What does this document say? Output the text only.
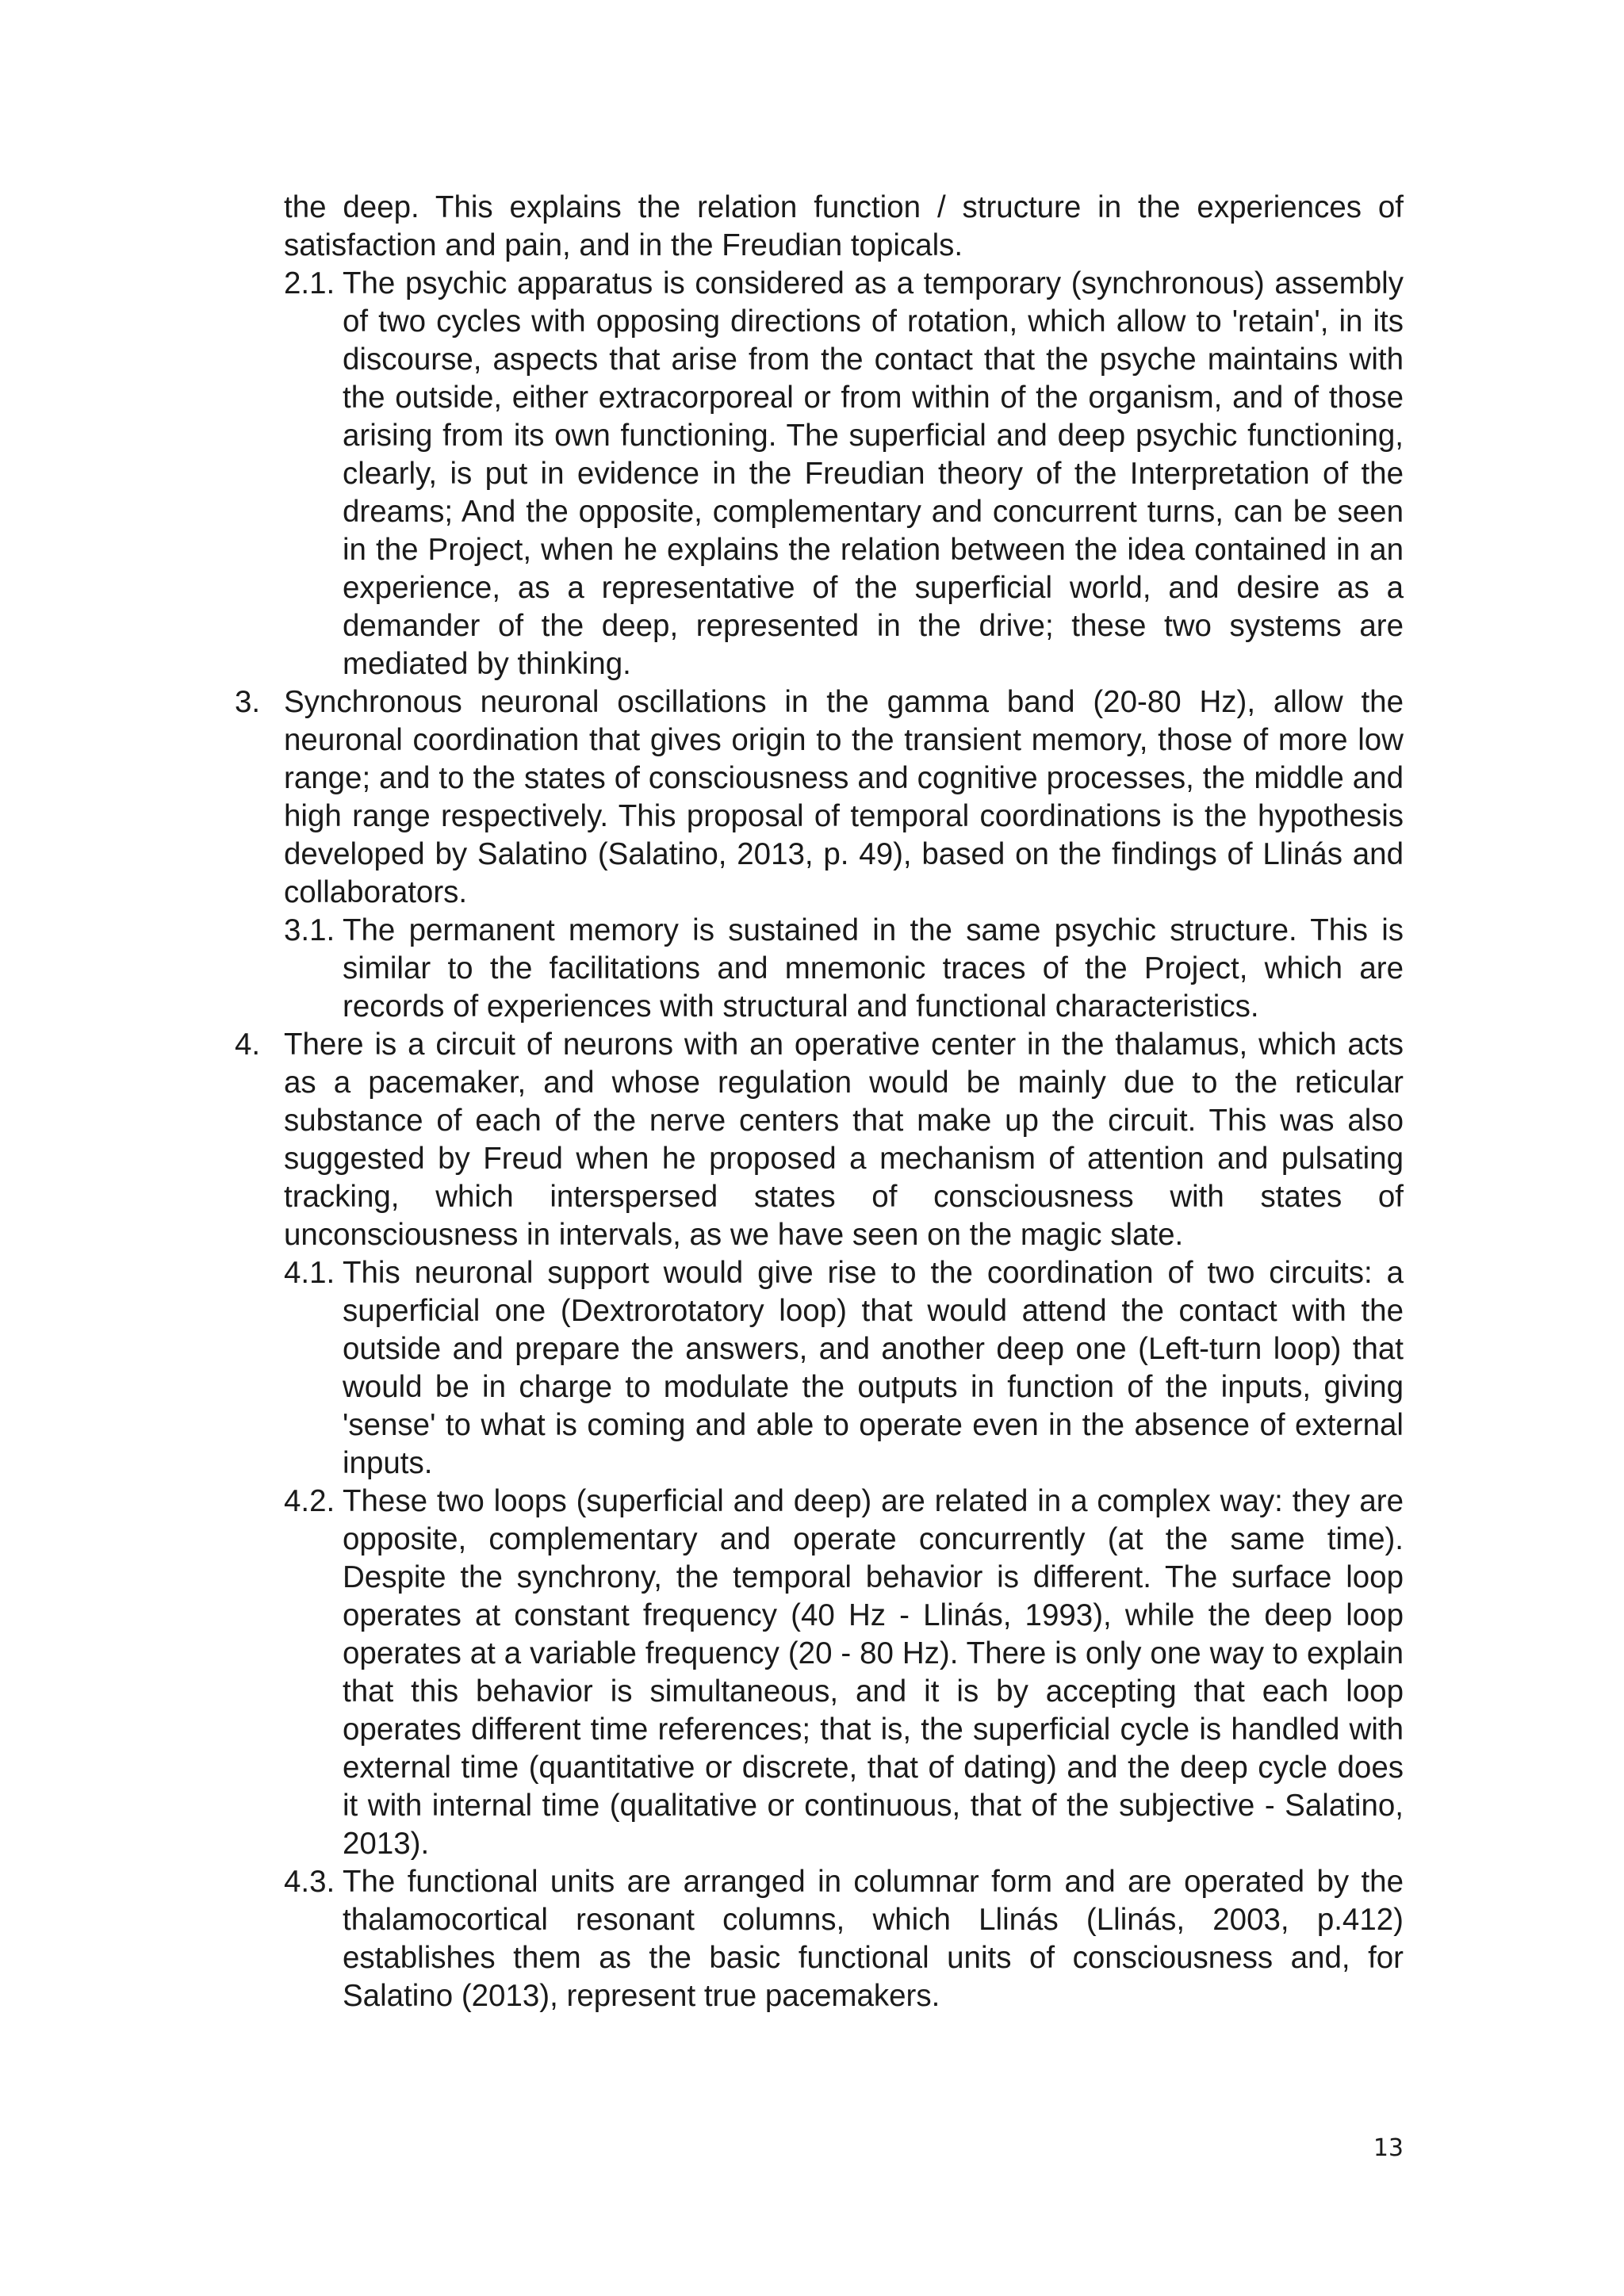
the deep. This explains the relation function / structure in the experiences of satisfaction and pain, and in the Freudian topicals.

2.1. The psychic apparatus is considered as a temporary (synchronous) assembly of two cycles with opposing directions of rotation, which allow to 'retain', in its discourse, aspects that arise from the contact that the psyche maintains with the outside, either extracorporeal or from within of the organism, and of those arising from its own functioning. The superficial and deep psychic functioning, clearly, is put in evidence in the Freudian theory of the Interpretation of the dreams; And the opposite, complementary and concurrent turns, can be seen in the Project, when he explains the relation between the idea contained in an experience, as a representative of the superficial world, and desire as a demander of the deep, represented in the drive; these two systems are mediated by thinking.
3. Synchronous neuronal oscillations in the gamma band (20-80 Hz), allow the neuronal coordination that gives origin to the transient memory, those of more low range; and to the states of consciousness and cognitive processes, the middle and high range respectively. This proposal of temporal coordinations is the hypothesis developed by Salatino (Salatino, 2013, p. 49), based on the findings of Llinás and collaborators.
3.1. The permanent memory is sustained in the same psychic structure. This is similar to the facilitations and mnemonic traces of the Project, which are records of experiences with structural and functional characteristics.
4. There is a circuit of neurons with an operative center in the thalamus, which acts as a pacemaker, and whose regulation would be mainly due to the reticular substance of each of the nerve centers that make up the circuit. This was also suggested by Freud when he proposed a mechanism of attention and pulsating tracking, which interspersed states of consciousness with states of unconsciousness in intervals, as we have seen on the magic slate.
4.1. This neuronal support would give rise to the coordination of two circuits: a superficial one (Dextrorotatory loop) that would attend the contact with the outside and prepare the answers, and another deep one (Left-turn loop) that would be in charge to modulate the outputs in function of the inputs, giving 'sense' to what is coming and able to operate even in the absence of external inputs.
4.2. These two loops (superficial and deep) are related in a complex way: they are opposite, complementary and operate concurrently (at the same time). Despite the synchrony, the temporal behavior is different. The surface loop operates at constant frequency (40 Hz - Llinás, 1993), while the deep loop operates at a variable frequency (20 - 80 Hz). There is only one way to explain that this behavior is simultaneous, and it is by accepting that each loop operates different time references; that is, the superficial cycle is handled with external time (quantitative or discrete, that of dating) and the deep cycle does it with internal time (qualitative or continuous, that of the subjective - Salatino, 2013).
4.3. The functional units are arranged in columnar form and are operated by the thalamocortical resonant columns, which Llinás (Llinás, 2003, p.412) establishes them as the basic functional units of consciousness and, for Salatino (2013), represent true pacemakers.
13
